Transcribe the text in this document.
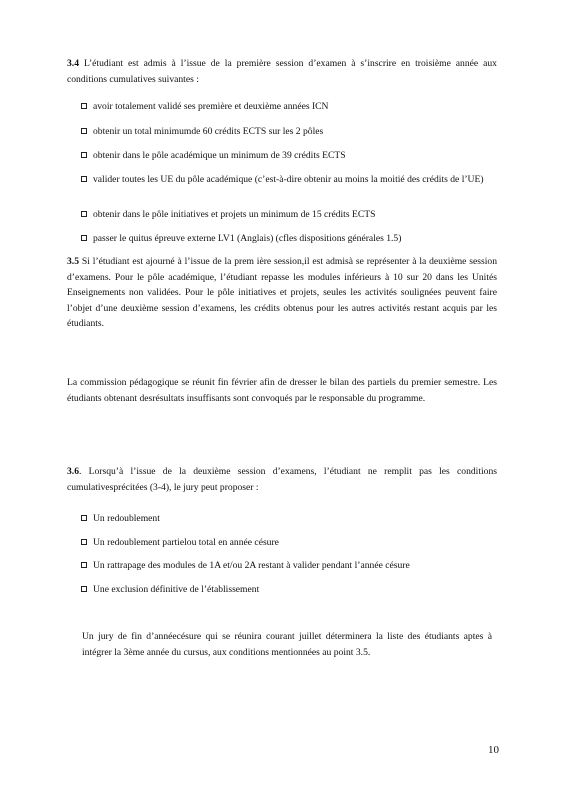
3.4 L’étudiant est admis à l’issue de la première session d’examen à s’inscrire en troisième année aux conditions cumulatives suivantes :

avoir totalement validé ses première et deuxième années ICN
obtenir un total minimumde 60 crédits ECTS sur les 2 pôles
obtenir dans le pôle académique un minimum de 39 crédits ECTS
valider toutes les UE du pôle académique (c’est-à-dire obtenir au moins la moitié des crédits de l’UE)
obtenir dans le pôle initiatives et projets un minimum de 15 crédits ECTS
passer le quitus épreuve externe LV1 (Anglais) (cfles dispositions générales 1.5)

3.5 Si l’étudiant est ajourné à l’issue de la prem ière session,il est admisà se représenter à la deuxième session d’examens. Pour le pôle académique, l’étudiant repasse les modules inférieurs à 10 sur 20 dans les Unités Enseignements non validées. Pour le pôle initiatives et projets, seules les activités soulignées peuvent faire l’objet d’une deuxième session d’examens, les crédits obtenus pour les autres activités restant acquis par les étudiants.

La commission pédagogique se réunit fin février afin de dresser le bilan des partiels du premier semestre. Les étudiants obtenant desrésultats insuffisants sont convoqués par le responsable du programme.

3.6. Lorsqu’à l’issue de la deuxième session d’examens, l’étudiant ne remplit pas les conditions cumulativesprécitées (3-4), le jury peut proposer :

Un redoublement
Un redoublement partielou total en année césure
Un rattrapage des modules de 1A et/ou 2A restant à valider pendant l’année césure
Une exclusion définitive de l’établissement

Un jury de fin d’annéecésure qui se réunira courant juillet déterminera la liste des étudiants aptes à intégrer la 3ème année du cursus, aux conditions mentionnées au point 3.5.

10
